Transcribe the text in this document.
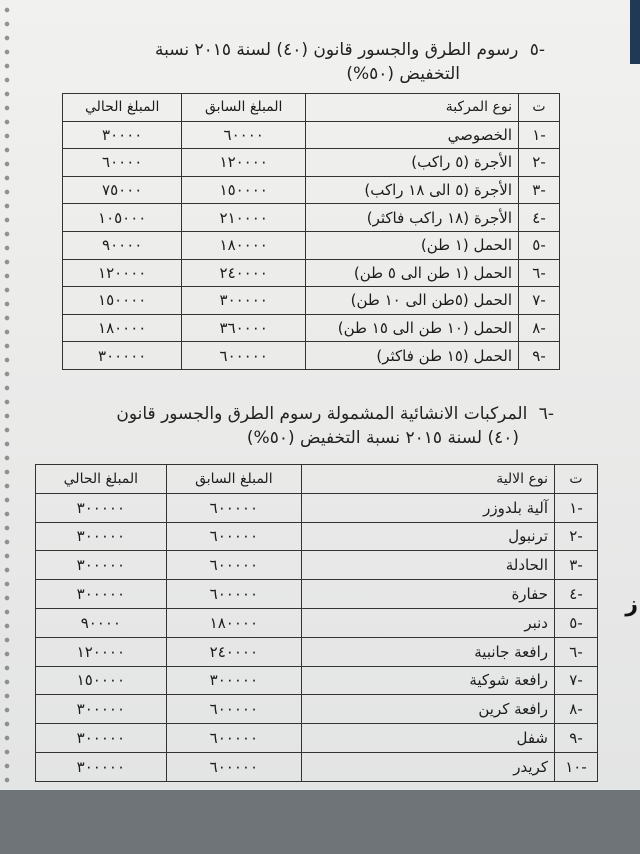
-٥ رسوم الطرق والجسور قانون (٤٠) لسنة ٢٠١٥ نسبة
التخفيض (٥٠%)
ت	نوع المركبة	المبلغ السابق	المبلغ الحالي
-١	الخصوصي	٦٠٠٠٠	٣٠٠٠٠
-٢	الأجرة (٥ راكب)	١٢٠٠٠٠	٦٠٠٠٠
-٣	الأجرة (٥ الى ١٨ راكب)	١٥٠٠٠٠	٧٥٠٠٠
-٤	الأجرة (١٨ راكب فاكثر)	٢١٠٠٠٠	١٠٥٠٠٠
-٥	الحمل (١ طن)	١٨٠٠٠٠	٩٠٠٠٠
-٦	الحمل (١ طن الى ٥ طن)	٢٤٠٠٠٠	١٢٠٠٠٠
-٧	الحمل (٥طن الى ١٠ طن)	٣٠٠٠٠٠	١٥٠٠٠٠
-٨	الحمل (١٠ طن الى ١٥ طن)	٣٦٠٠٠٠	١٨٠٠٠٠
-٩	الحمل (١٥ طن فاكثر)	٦٠٠٠٠٠	٣٠٠٠٠٠
-٦ المركبات الانشائية المشمولة رسوم الطرق والجسور قانون
(٤٠) لسنة ٢٠١٥ نسبة التخفيض (٥٠%)
ت	نوع الالية	المبلغ السابق	المبلغ الحالي
-١	آلية بلدوزر	٦٠٠٠٠٠	٣٠٠٠٠٠
-٢	ترنبول	٦٠٠٠٠٠	٣٠٠٠٠٠
-٣	الحادلة	٦٠٠٠٠٠	٣٠٠٠٠٠
-٤	حفارة	٦٠٠٠٠٠	٣٠٠٠٠٠
-٥	دنبر	١٨٠٠٠٠	٩٠٠٠٠
-٦	رافعة جانبية	٢٤٠٠٠٠	١٢٠٠٠٠
-٧	رافعة شوكية	٣٠٠٠٠٠	١٥٠٠٠٠
-٨	رافعة كرين	٦٠٠٠٠٠	٣٠٠٠٠٠
-٩	شفل	٦٠٠٠٠٠	٣٠٠٠٠٠
-١٠	كريدر	٦٠٠٠٠٠	٣٠٠٠٠٠
ز
